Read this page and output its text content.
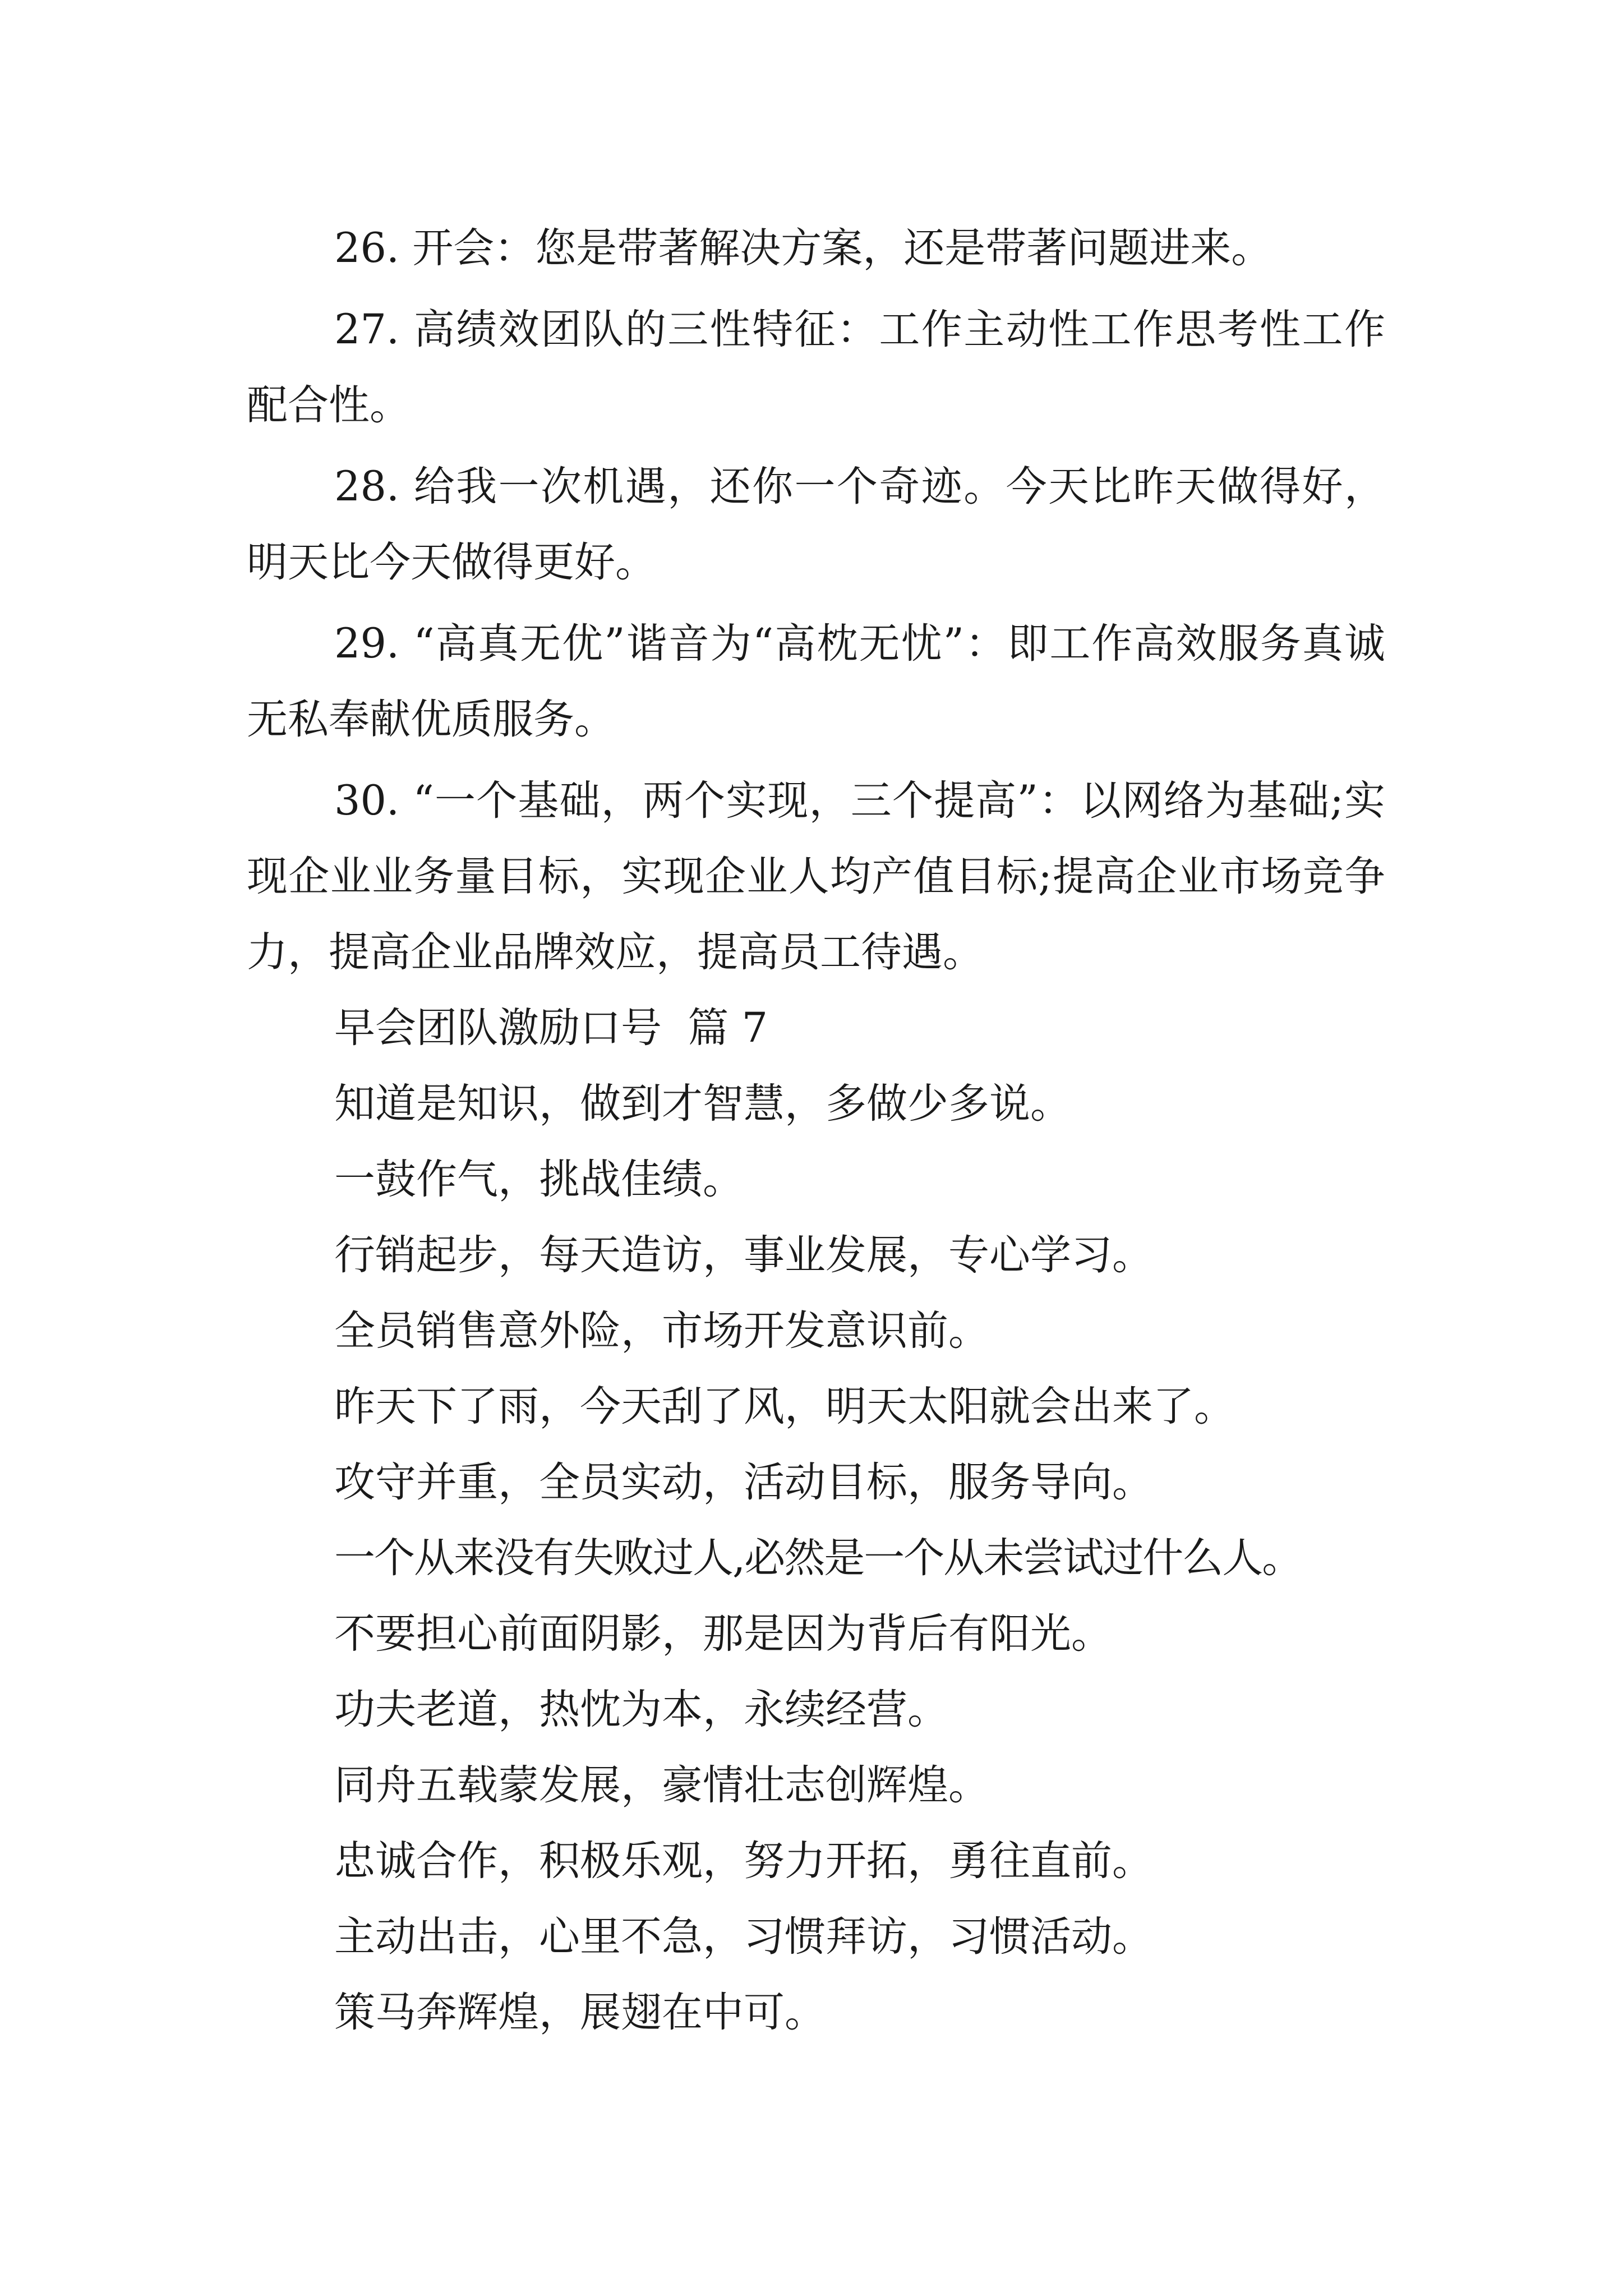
26. 开会：您是带著解决方案，还是带著问题进来。

27. 高绩效团队的三性特征：工作主动性工作思考性工作配合性。

28. 给我一次机遇，还你一个奇迹。今天比昨天做得好，明天比今天做得更好。

29. “高真无优”谐音为“高枕无忧”：即工作高效服务真诚无私奉献优质服务。

30. “一个基础，两个实现，三个提高”：以网络为基础;实现企业业务量目标，实现企业人均产值目标;提高企业市场竞争力，提高企业品牌效应，提高员工待遇。

早会团队激励口号  篇 7

知道是知识，做到才智慧，多做少多说。

一鼓作气，挑战佳绩。

行销起步，每天造访，事业发展，专心学习。

全员销售意外险，市场开发意识前。

昨天下了雨，今天刮了风，明天太阳就会出来了。

攻守并重，全员实动，活动目标，服务导向。

一个从来没有失败过人,必然是一个从未尝试过什么人。

不要担心前面阴影，那是因为背后有阳光。

功夫老道，热忱为本，永续经营。

同舟五载蒙发展，豪情壮志创辉煌。

忠诚合作，积极乐观，努力开拓，勇往直前。

主动出击，心里不急，习惯拜访，习惯活动。

策马奔辉煌，展翅在中可。
